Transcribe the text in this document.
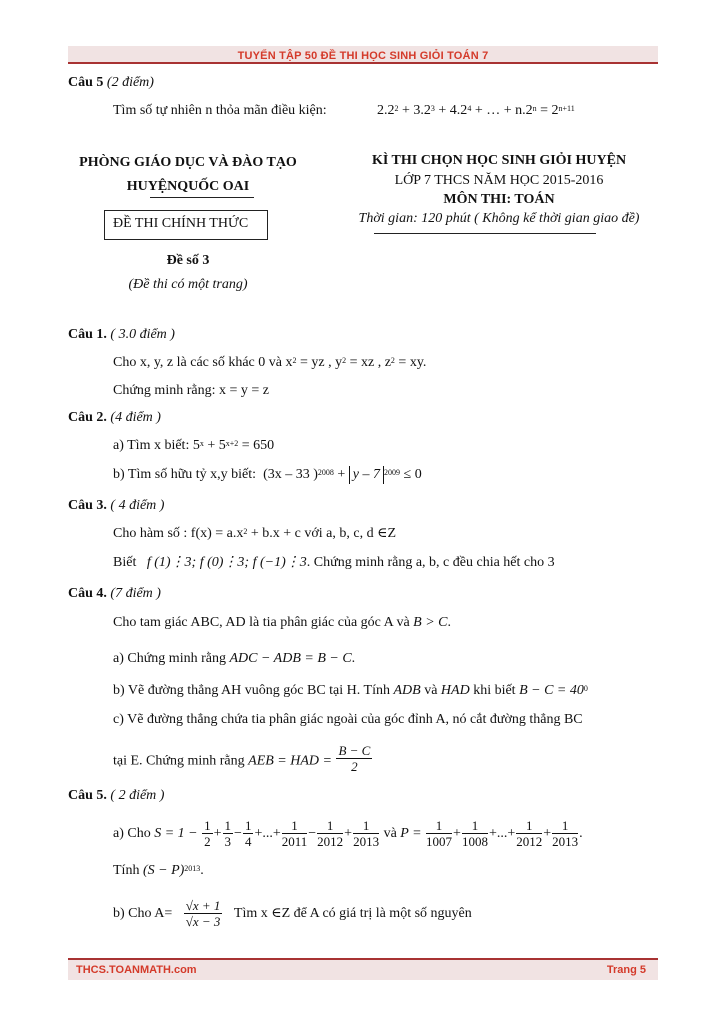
TUYỂN TẬP 50 ĐỀ THI HỌC SINH GIỎI TOÁN 7
Câu 5 (2 điểm)
Tìm số tự nhiên n thỏa mãn điều kiện:	$2.2^2 + 3.2^3 + 4.2^4$ + … + $n.2^n = 2^{n+11}$
PHÒNG GIÁO DỤC VÀ ĐÀO TẠO
HUYỆNQUỐC OAI
ĐỀ THI CHÍNH THỨC
Đề số 3
(Đề thi có một trang)
KÌ THI CHỌN HỌC SINH GIỎI HUYỆN
LỚP 7 THCS NĂM HỌC 2015-2016
MÔN THI: TOÁN
Thời gian: 120 phút ( Không kể thời gian giao đề)
Câu 1. ( 3.0 điểm )
Cho x, y, z là các số khác 0 và $x^2$ = yz , $y^2$ = xz , $z^2$ = xy.
Chứng minh rằng: x = y = z
Câu 2. (4 điểm )
a) Tìm x biết: $5^x + 5^{x+2} = 650$
b) Tìm số hữu tỷ x,y biết: (3x – 33 )$^{2008}$ + y – 7 $^{2009}$ ≤ 0
Câu 3. ( 4 điểm )
Cho hàm số : $f(x) = a.x^2 + b.x + c$ với a, b, c, d ∈Z
Biết f (1)⋮3; f (0)⋮3; f (−1)⋮3. Chứng minh rằng a, b, c đều chia hết cho 3
Câu 4. (7 điểm )
Cho tam giác ABC, AD là tia phân giác của góc A và B > C.
a) Chứng minh rằng ADC − ADB = B − C.
b) Vẽ đường thẳng AH vuông góc BC tại H. Tính ADB và HAD khi biết $B - C = 40^0$
c) Vẽ đường thẳng chứa tia phân giác ngoài của góc đỉnh A, nó cắt đường thẳng BC
tại E. Chứng minh rằng AEB = HAD = $\frac{B - C}{2}$
Câu 5. ( 2 điểm )
a) Cho $S = 1 - \frac{1}{2} + \frac{1}{3} - \frac{1}{4}$ +...+ $\frac{1}{2011} - \frac{1}{2012} + \frac{1}{2013}$ và $P = \frac{1}{1007} + \frac{1}{1008}$ +...+ $\frac{1}{2012} + \frac{1}{2013}$ .
Tính $(S - P)^{2013}$.
b) Cho $A= \frac{√x + 1}{√x - 3}$ Tìm x ∈Z để A có giá trị là một số nguyên
THCS.TOANMATH.com	Trang 5
